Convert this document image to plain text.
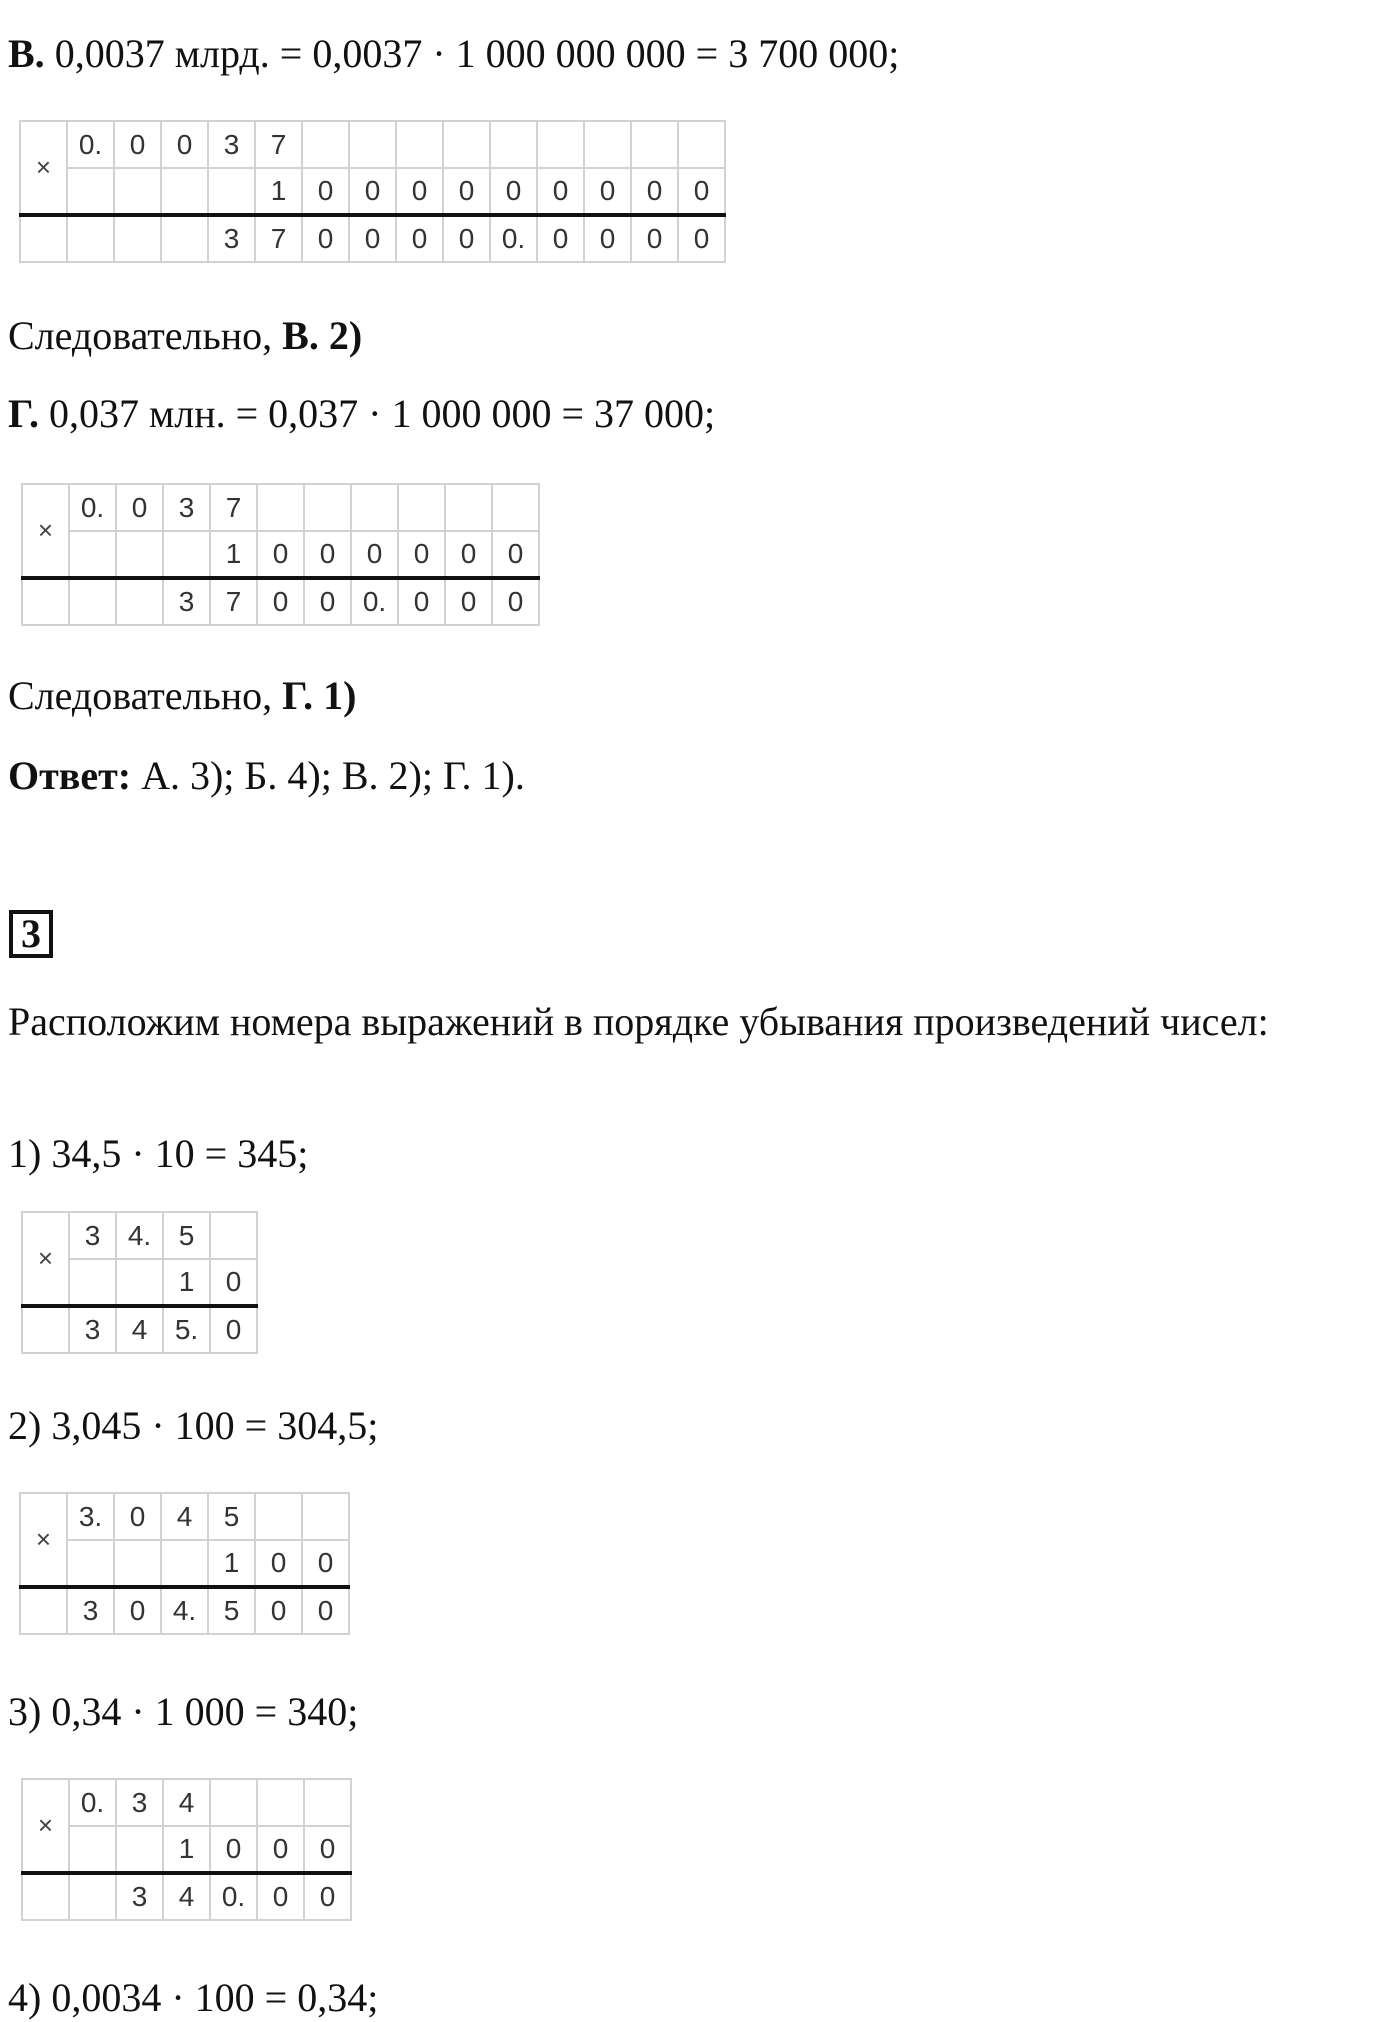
В. 0,0037 млрд. = 0,0037 · 1 000 000 000 = 3 700 000;
×	0.	0	0	3	7									
					1	0	0	0	0	0	0	0	0	0
				3	7	0	0	0	0	0.	0	0	0	0
Следовательно, В. 2)
Г. 0,037 млн. = 0,037 · 1 000 000 = 37 000;
×	0.	0	3	7						
				1	0	0	0	0	0	0
			3	7	0	0	0.	0	0	0
Следовательно, Г. 1)
Ответ: А. 3); Б. 4); В. 2); Г. 1).
3
Расположим номера выражений в порядке убывания произведений чисел:
1) 34,5 · 10 = 345;
×	3	4.	5	
			1	0
	3	4	5.	0
2) 3,045 · 100 = 304,5;
×	3.	0	4	5		
				1	0	0
	3	0	4.	5	0	0
3) 0,34 · 1 000 = 340;
×	0.	3	4			
			1	0	0	0
		3	4	0.	0	0
4) 0,0034 · 100 = 0,34;
